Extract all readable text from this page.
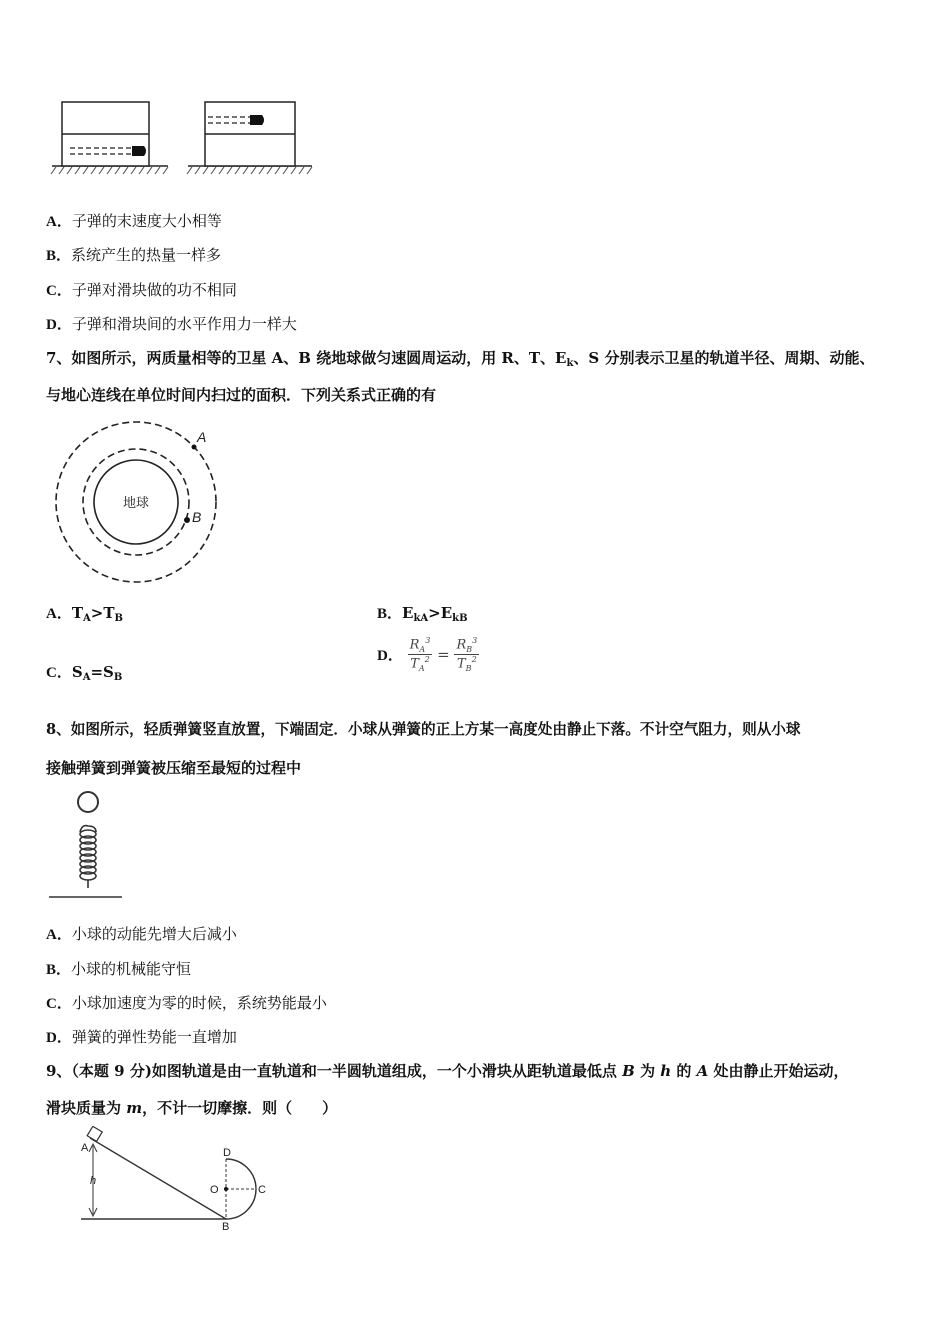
A．子弹的末速度大小相等
B．系统产生的热量一样多
C．子弹对滑块做的功不相同
D．子弹和滑块间的水平作用力一样大
7、如图所示，两质量相等的卫星 A、B 绕地球做匀速圆周运动，用 R、T、$E_k$、S 分别表示卫星的轨道半径、周期、动能、
与地心连线在单位时间内扫过的面积．下列关系式正确的有
地球
A
B
A．$T_A>T_B$	B．$E_{kA}>E_{kB}$
C．$S_A=S_B$
D． $\frac{R_A^3}{T_A^2} = \frac{R_B^3}{T_B^2}$
8、如图所示，轻质弹簧竖直放置，下端固定．小球从弹簧的正上方某一高度处由静止下落。不计空气阻力，则从小球
接触弹簧到弹簧被压缩至最短的过程中
A．小球的动能先增大后减小
B．小球的机械能守恒
C．小球加速度为零的时候，系统势能最小
D．弹簧的弹性势能一直增加
9、（本题 9 分)如图轨道是由一直轨道和一半圆轨道组成，一个小滑块从距轨道最低点 B 为 h 的 A 处由静止开始运动，
滑块质量为 m，不计一切摩擦．则（　　）
A
h
D
O	C
B
